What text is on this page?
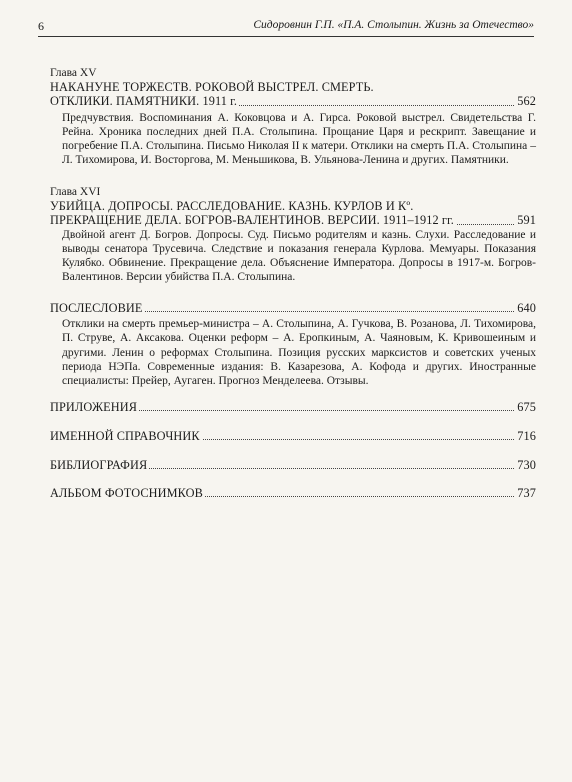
6	Сидоровнин Г.П. «П.А. Столыпин. Жизнь за Отечество»
Глава XV
НАКАНУНЕ ТОРЖЕСТВ. РОКОВОЙ ВЫСТРЕЛ. СМЕРТЬ.
ОТКЛИКИ. ПАМЯТНИКИ. 1911 г.	562
Предчувствия. Воспоминания А. Коковцова и А. Гирса. Роковой выстрел. Свидетельства Г. Рейна. Хроника последних дней П.А. Столыпина. Прощание Царя и рескрипт. Завещание и погребение П.А. Столыпина. Письмо Николая II к матери. Отклики на смерть П.А. Столыпина – Л. Тихомирова, И. Восторгова, М. Меньшикова, В. Ульянова-Ленина и других. Памятники.
Глава XVI
УБИЙЦА. ДОПРОСЫ. РАССЛЕДОВАНИЕ. КАЗНЬ. КУРЛОВ И Кº.
ПРЕКРАЩЕНИЕ ДЕЛА. БОГРОВ-ВАЛЕНТИНОВ. ВЕРСИИ. 1911–1912 гг.	591
Двойной агент Д. Богров. Допросы. Суд. Письмо родителям и казнь. Слухи. Расследование и выводы сенатора Трусевича. Следствие и показания генерала Курлова. Мемуары. Показания Кулябко. Обвинение. Прекращение дела. Объяснение Императора. Допросы в 1917-м. Богров-Валентинов. Версии убийства П.А. Столыпина.
ПОСЛЕСЛОВИЕ	640
Отклики на смерть премьер-министра – А. Столыпина, А. Гучкова, В. Розанова, Л. Тихомирова, П. Струве, А. Аксакова. Оценки реформ – А. Еропкиным, А. Чаяновым, К. Кривошеиным и другими. Ленин о реформах Столыпина. Позиция русских марксистов и советских ученых периода НЭПа. Современные издания: В. Казарезова, А. Кофода и других. Иностранные специалисты: Прейер, Аугаген. Прогноз Менделеева. Отзывы.
ПРИЛОЖЕНИЯ	675
ИМЕННОЙ СПРАВОЧНИК	716
БИБЛИОГРАФИЯ	730
АЛЬБОМ ФОТОСНИМКОВ	737
